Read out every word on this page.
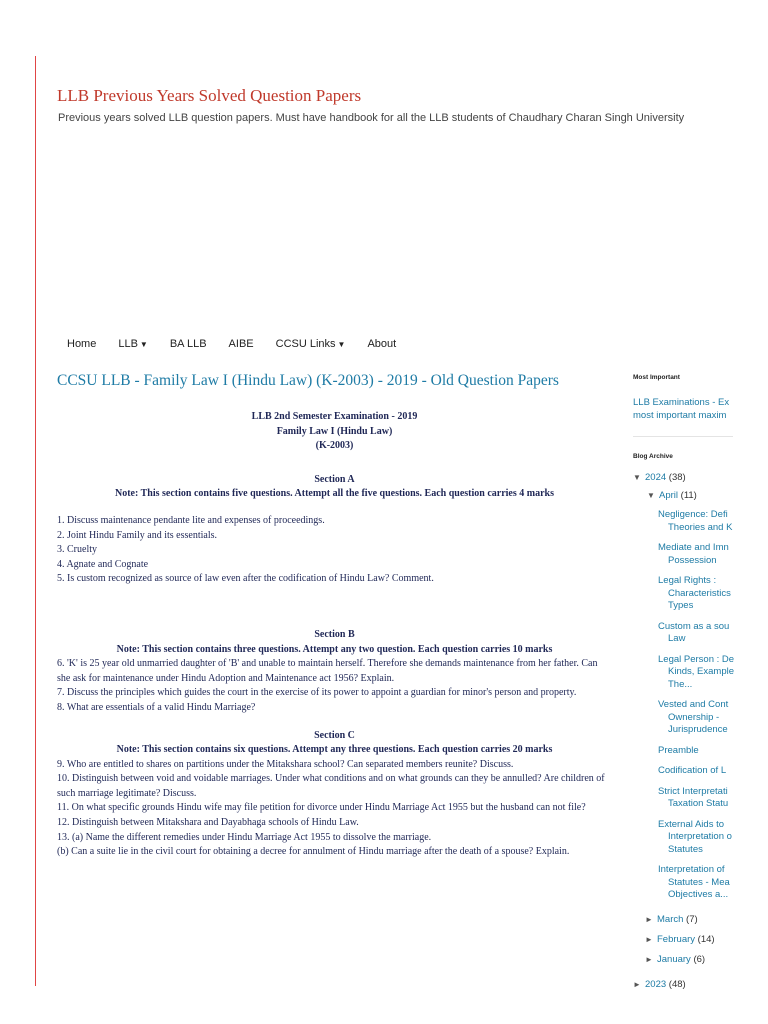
LLB Previous Years Solved Question Papers

Previous years solved LLB question papers. Must have handbook for all the LLB students of Chaudhary Charan Singh University

Home LLB ▼ BA LLB AIBE CCSU Links ▼ About
CCSU LLB - Family Law I (Hindu Law) (K-2003) - 2019 - Old Question Papers

LLB 2nd Semester Examination - 2019

Family Law I (Hindu Law)

(K-2003)

Section A

Note: This section contains five questions. Attempt all the five questions. Each question carries 4 marks

1. Discuss maintenance pendante lite and expenses of proceedings.

2. Joint Hindu Family and its essentials.

3. Cruelty

4. Agnate and Cognate

5. Is custom recognized as source of law even after the codification of Hindu Law? Comment.

Section B

Note: This section contains three questions. Attempt any two question. Each question carries 10 marks

6. 'K' is 25 year old unmarried daughter of 'B' and unable to maintain herself. Therefore she demands maintenance from her father. Can she ask for maintenance under Hindu Adoption and Maintenance act 1956? Explain.

7. Discuss the principles which guides the court in the exercise of its power to appoint a guardian for minor's person and property.

8. What are essentials of a valid Hindu Marriage?

Section C

Note: This section contains six questions. Attempt any three questions. Each question carries 20 marks

9. Who are entitled to shares on partitions under the Mitakshara school? Can separated members reunite? Discuss.

10. Distinguish between void and voidable marriages. Under what conditions and on what grounds can they be annulled? Are children of such marriage legitimate? Discuss.

11. On what specific grounds Hindu wife may file petition for divorce under Hindu Marriage Act 1955 but the husband can not file?

12. Distinguish between Mitakshara and Dayabhaga schools of Hindu Law.

13. (a) Name the different remedies under Hindu Marriage Act 1955 to dissolve the marriage.

(b) Can a suite lie in the civil court for obtaining a decree for annulment of Hindu marriage after the death of a spouse? Explain.

Most Important

LLB Examinations - Ex
most important maxim

Blog Archive

▼ 2024 (38)
▼ April (11)
Negligence: Defi
Theories and K
Mediate and Imn
Possession
Legal Rights :
Characteristics
Types
Custom as a sou
Law
Legal Person : De
Kinds, Example
The...
Vested and Cont
Ownership -
Jurisprudence
Preamble
Codification of L
Strict Interpretati
Taxation Statu
External Aids to
Interpretation o
Statutes
Interpretation of
Statutes - Mea
Objectives a...
► March (7)
► February (14)
► January (6)
► 2023 (48)
